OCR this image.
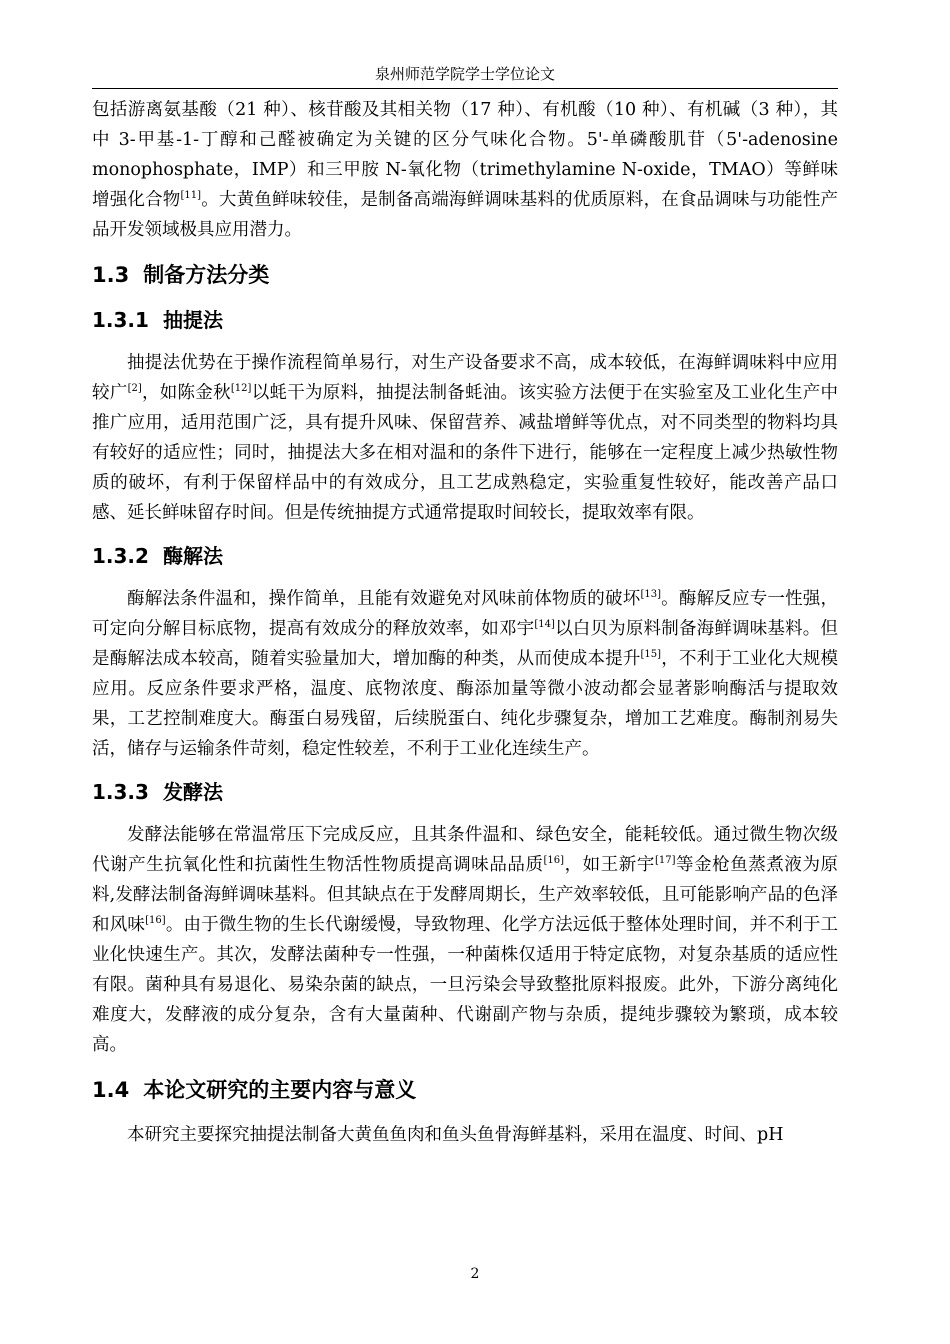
泉州师范学院学士学位论文

包括游离氨基酸（21 种）、核苷酸及其相关物（17 种）、有机酸（10 种）、有机碱（3 种），其中 3-甲基-1-丁醇和己醛被确定为关键的区分气味化合物。5'-单磷酸肌苷（5'-adenosine monophosphate，IMP）和三甲胺 N-氧化物（trimethylamine N-oxide，TMAO）等鲜味增强化合物[11]。大黄鱼鲜味较佳，是制备高端海鲜调味基料的优质原料，在食品调味与功能性产品开发领域极具应用潜力。

1.3 制备方法分类
1.3.1 抽提法

抽提法优势在于操作流程简单易行，对生产设备要求不高，成本较低，在海鲜调味料中应用较广[2]，如陈金秋[12]以蚝干为原料，抽提法制备蚝油。该实验方法便于在实验室及工业化生产中推广应用，适用范围广泛，具有提升风味、保留营养、减盐增鲜等优点，对不同类型的物料均具有较好的适应性；同时，抽提法大多在相对温和的条件下进行，能够在一定程度上减少热敏性物质的破坏，有利于保留样品中的有效成分，且工艺成熟稳定，实验重复性较好，能改善产品口感、延长鲜味留存时间。但是传统抽提方式通常提取时间较长，提取效率有限。

1.3.2 酶解法

酶解法条件温和，操作简单，且能有效避免对风味前体物质的破坏[13]。酶解反应专一性强，可定向分解目标底物，提高有效成分的释放效率，如邓宇[14]以白贝为原料制备海鲜调味基料。但是酶解法成本较高，随着实验量加大，增加酶的种类，从而使成本提升[15]，不利于工业化大规模应用。反应条件要求严格，温度、底物浓度、酶添加量等微小波动都会显著影响酶活与提取效果，工艺控制难度大。酶蛋白易残留，后续脱蛋白、纯化步骤复杂，增加工艺难度。酶制剂易失活，储存与运输条件苛刻，稳定性较差，不利于工业化连续生产。

1.3.3 发酵法

发酵法能够在常温常压下完成反应，且其条件温和、绿色安全，能耗较低。通过微生物次级代谢产生抗氧化性和抗菌性生物活性物质提高调味品品质[16]，如王新宇[17]等金枪鱼蒸煮液为原料,发酵法制备海鲜调味基料。但其缺点在于发酵周期长，生产效率较低，且可能影响产品的色泽和风味[16]。由于微生物的生长代谢缓慢，导致物理、化学方法远低于整体处理时间，并不利于工业化快速生产。其次，发酵法菌种专一性强，一种菌株仅适用于特定底物，对复杂基质的适应性有限。菌种具有易退化、易染杂菌的缺点，一旦污染会导致整批原料报废。此外，下游分离纯化难度大，发酵液的成分复杂，含有大量菌种、代谢副产物与杂质，提纯步骤较为繁琐，成本较高。

1.4 本论文研究的主要内容与意义

本研究主要探究抽提法制备大黄鱼鱼肉和鱼头鱼骨海鲜基料，采用在温度、时间、pH

2
